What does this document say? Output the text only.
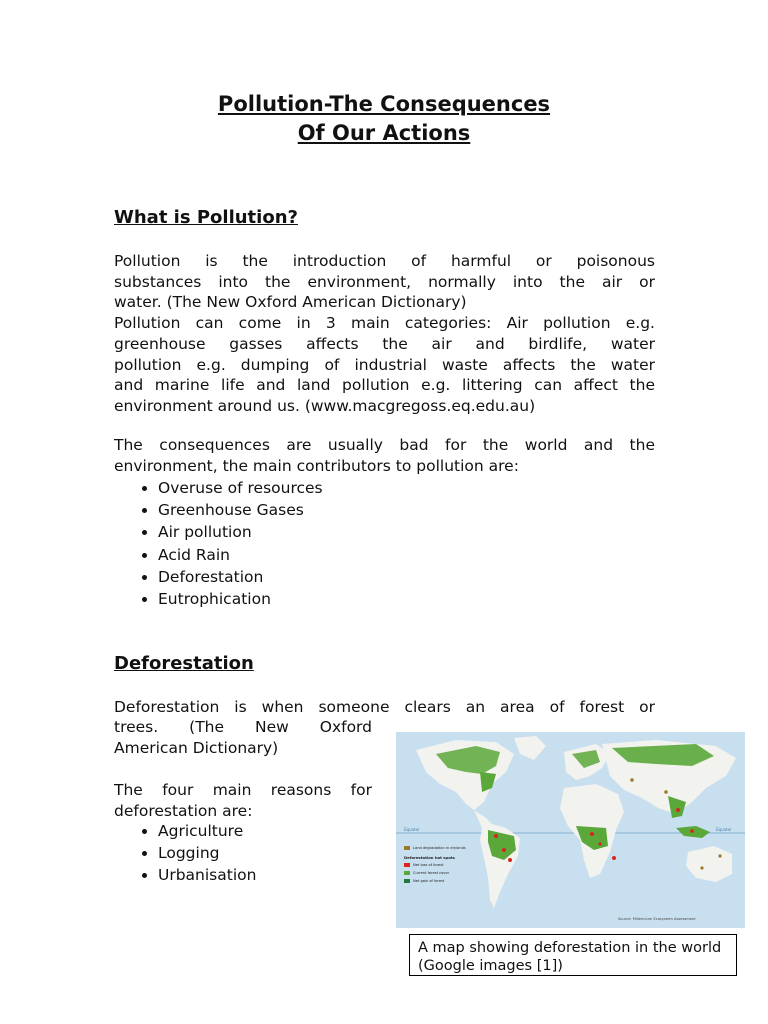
Pollution-The Consequences
Of Our Actions
What is Pollution?
Pollution is the introduction of harmful or poisonous
substances into the environment, normally into the air or
water. (The New Oxford American Dictionary)
Pollution can come in 3 main categories: Air pollution e.g.
greenhouse gasses affects the air and birdlife, water
pollution e.g. dumping of industrial waste affects the water
and marine life and land pollution e.g. littering can affect the
environment around us. (www.macgregoss.eq.edu.au)
The consequences are usually bad for the world and the
environment, the main contributors to pollution are:
• Overuse of resources
• Greenhouse Gases
• Air pollution
• Acid Rain
• Deforestation
• Eutrophication
Deforestation
Deforestation is when someone clears an area of forest or
trees. (The New Oxford
American Dictionary)
The four main reasons for
deforestation are:
• Agriculture
• Logging
• Urbanisation
Equator	Equator
Land degradation in drylands
Deforestation hot spots
Net loss of forest
Current forest cover
Net gain of forest
Source: Millennium Ecosystem Assessment
A map showing deforestation in the world
(Google images [1])
